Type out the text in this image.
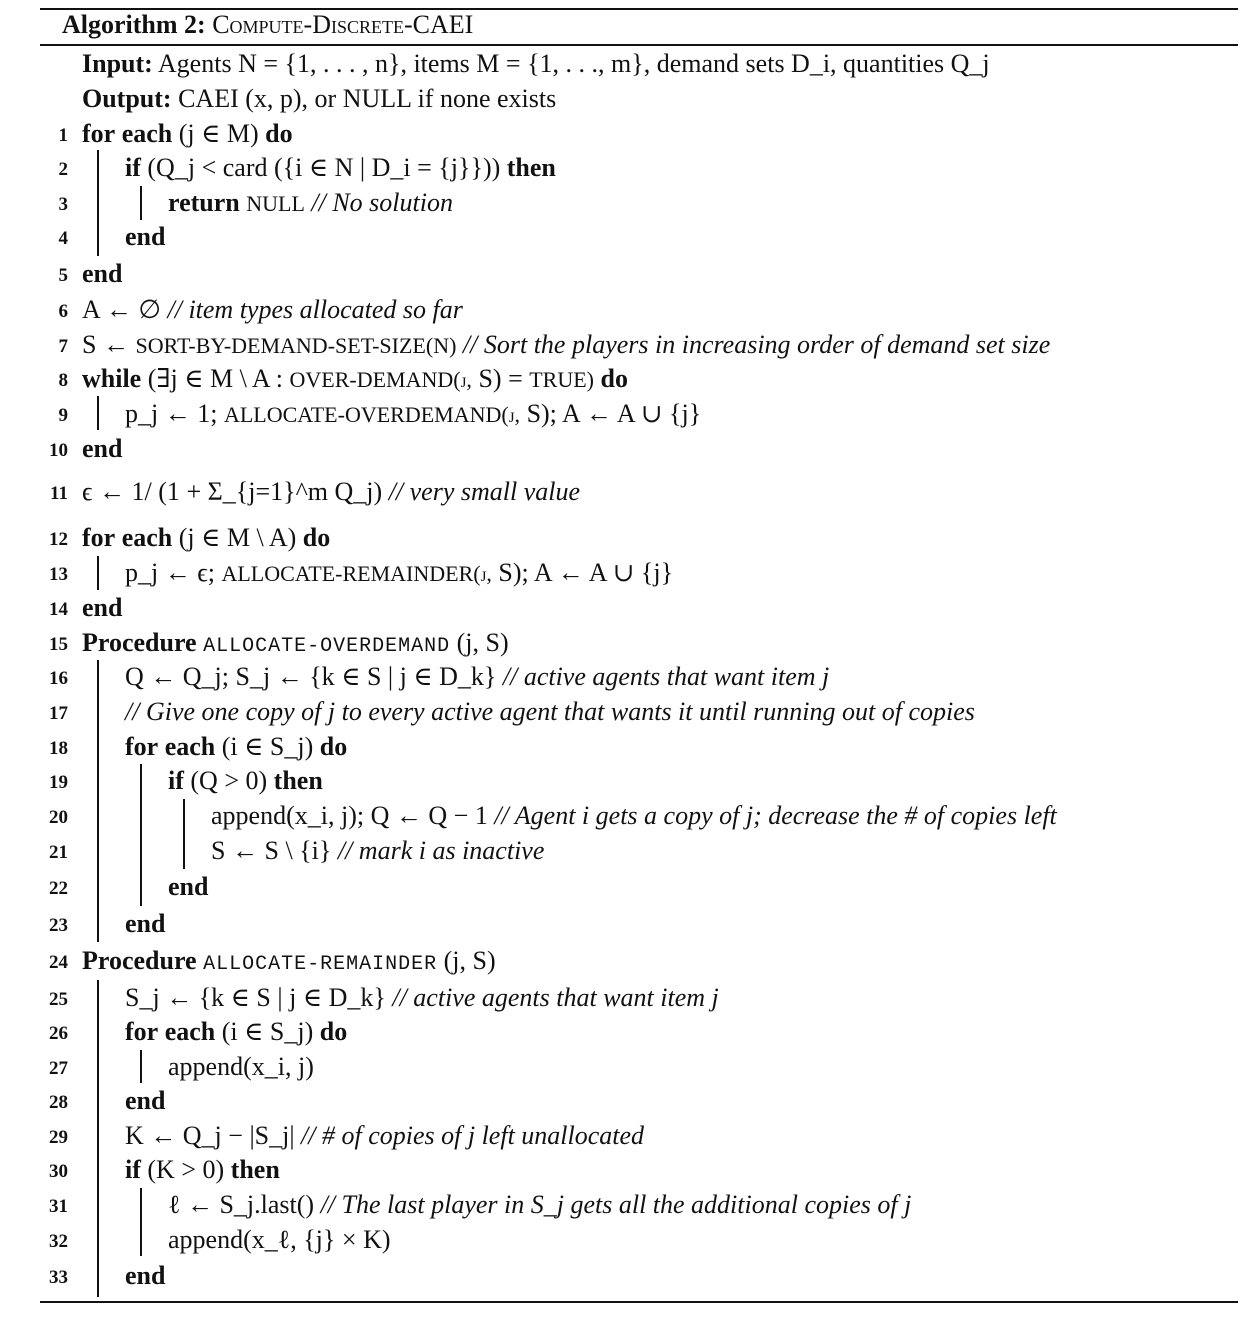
Algorithm 2: Compute-Discrete-CAEI
Input: Agents N = {1, . . . , n}, items M = {1, . . ., m}, demand sets D_i, quantities Q_j
Output: CAEI (x, p), or NULL if none exists
1 for each (j ∈ M) do
2 if (Q_j < card ({i ∈ N | D_i = {j}})) then
3	return NULL // No solution
4 end
5 end
6 A ← ∅ // item types allocated so far
7 S ← SORT-BY-DEMAND-SET-SIZE(N) // Sort the players in increasing order of demand set size
8 while (∃j ∈ M \ A : OVER-DEMAND(j, S) = TRUE) do
9 p_j ← 1; ALLOCATE-OVERDEMAND(j, S); A ← A ∪ {j}
10 end
11 ϵ ← 1/ (1 + Σ_{j=1}^m Q_j) // very small value
12 for each (j ∈ M \ A) do
13 p_j ← ϵ; ALLOCATE-REMAINDER(j, S); A ← A ∪ {j}
14 end
15 Procedure ALLOCATE-OVERDEMAND (j, S)
16 Q ← Q_j; S_j ← {k ∈ S | j ∈ D_k} // active agents that want item j
17 // Give one copy of j to every active agent that wants it until running out of copies
18 for each (i ∈ S_j) do
19	if (Q > 0) then
20	append(x_i, j); Q ← Q − 1 // Agent i gets a copy of j; decrease the # of copies left
21	S ← S \ {i} // mark i as inactive
22	end
23 end
24 Procedure ALLOCATE-REMAINDER (j, S)
25 S_j ← {k ∈ S | j ∈ D_k} // active agents that want item j
26 for each (i ∈ S_j) do
27	append(x_i, j)
28 end
29 K ← Q_j − |S_j| // # of copies of j left unallocated
30 if (K > 0) then
31	ℓ ← S_j.last() // The last player in S_j gets all the additional copies of j
32	append(x_ℓ, {j} × K)
33 end
